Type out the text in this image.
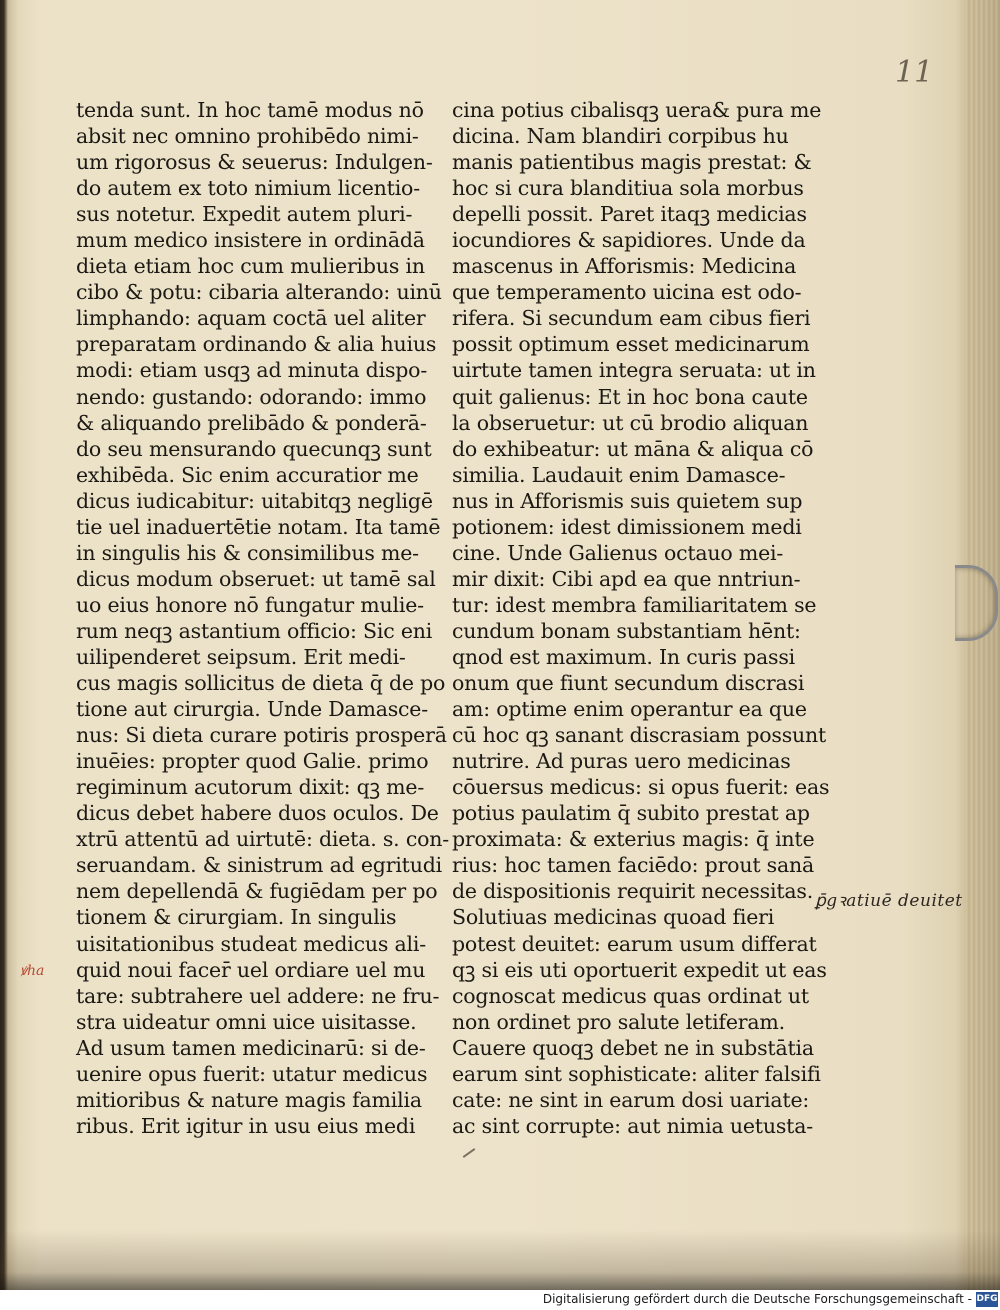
11
tenda sunt. In hoc tamē modus nō
absit nec omnino prohibēdo nimi-
um rigorosus & seuerus: Indulgen-
do autem ex toto nimium licentio-
sus notetur. Expedit autem pluri-
mum medico insistere in ordinādā
dieta etiam hoc cum mulieribus in
cibo & potu: cibaria alterando: uinū
limphando: aquam coctā uel aliter
preparatam ordinando & alia huius
modi: etiam usqꝫ ad minuta dispo-
nendo: gustando: odorando: immo
& aliquando prelibādo & ponderā-
do seu mensurando quecunqꝫ sunt
exhibēda. Sic enim accuratior me
dicus iudicabitur: uitabitqꝫ negligē
tie uel inaduertētie notam. Ita tamē
in singulis his & consimilibus me-
dicus modum obseruet: ut tamē sal
uo eius honore nō fungatur mulie-
rum neqꝫ astantium officio: Sic eni
uilipenderet seipsum. Erit medi-
cus magis sollicitus de dieta q̄ de po
tione aut cirurgia. Unde Damasce-
nus: Si dieta curare potiris prosperā
inuēies: propter quod Galie. primo
regiminum acutorum dixit: qꝫ me-
dicus debet habere duos oculos. De
xtrū attentū ad uirtutē: dieta. s. con-
seruandam. & sinistrum ad egritudi
nem depellendā & fugiēdam per po
tionem & cirurgiam. In singulis
uisitationibus studeat medicus ali-
quid noui facer̄ uel ordiare uel mu
tare: subtrahere uel addere: ne fru-
stra uideatur omni uice uisitasse.
Ad usum tamen medicinarū: si de-
uenire opus fuerit: utatur medicus
mitioribus & nature magis familia
ribus. Erit igitur in usu eius medi
cina potius cibalisqꝫ uera& pura me
dicina. Nam blandiri corpibus hu
manis patientibus magis prestat: &
hoc si cura blanditiua sola morbus
depelli possit. Paret itaqꝫ medicias
iocundiores & sapidiores. Unde da
mascenus in Afforismis: Medicina
que temperamento uicina est odo-
rifera. Si secundum eam cibus fieri
possit optimum esset medicinarum
uirtute tamen integra seruata: ut in
quit galienus: Et in hoc bona caute
la obseruetur: ut cū brodio aliquan
do exhibeatur: ut māna & aliqua cō
similia. Laudauit enim Damasce-
nus in Afforismis suis quietem sup
potionem: idest dimissionem medi
cine. Unde Galienus octauo mei-
mir dixit: Cibi apd ea que nntriun-
tur: idest membra familiaritatem se
cundum bonam substantiam hēnt:
qnod est maximum. In curis passi
onum que fiunt secundum discrasi
am: optime enim operantur ea que
cū hoc qꝫ sanant discrasiam possunt
nutrire. Ad puras uero medicinas
cōuersus medicus: si opus fuerit: eas
potius paulatim q̄ subito prestat ap
proximata: & exterius magis: q̄ inte
rius: hoc tamen faciēdo: prout sanā
de dispositionis requirit necessitas.
Solutiuas medicinas quoad fieri
potest deuitet: earum usum differat
qꝫ si eis uti oportuerit expedit ut eas
cognoscat medicus quas ordinat ut
non ordinet pro salute letiferam.
Cauere quoqꝫ debet ne in substātia
earum sint sophisticate: aliter falsifi
cate: ne sint in earum dosi uariate:
ac sint corrupte: aut nimia uetusta-
ꝑ̄gꝛatiuē deuitet
ꝟha
Digitalisierung gefördert durch die Deutsche Forschungsgemeinschaft - DFG
